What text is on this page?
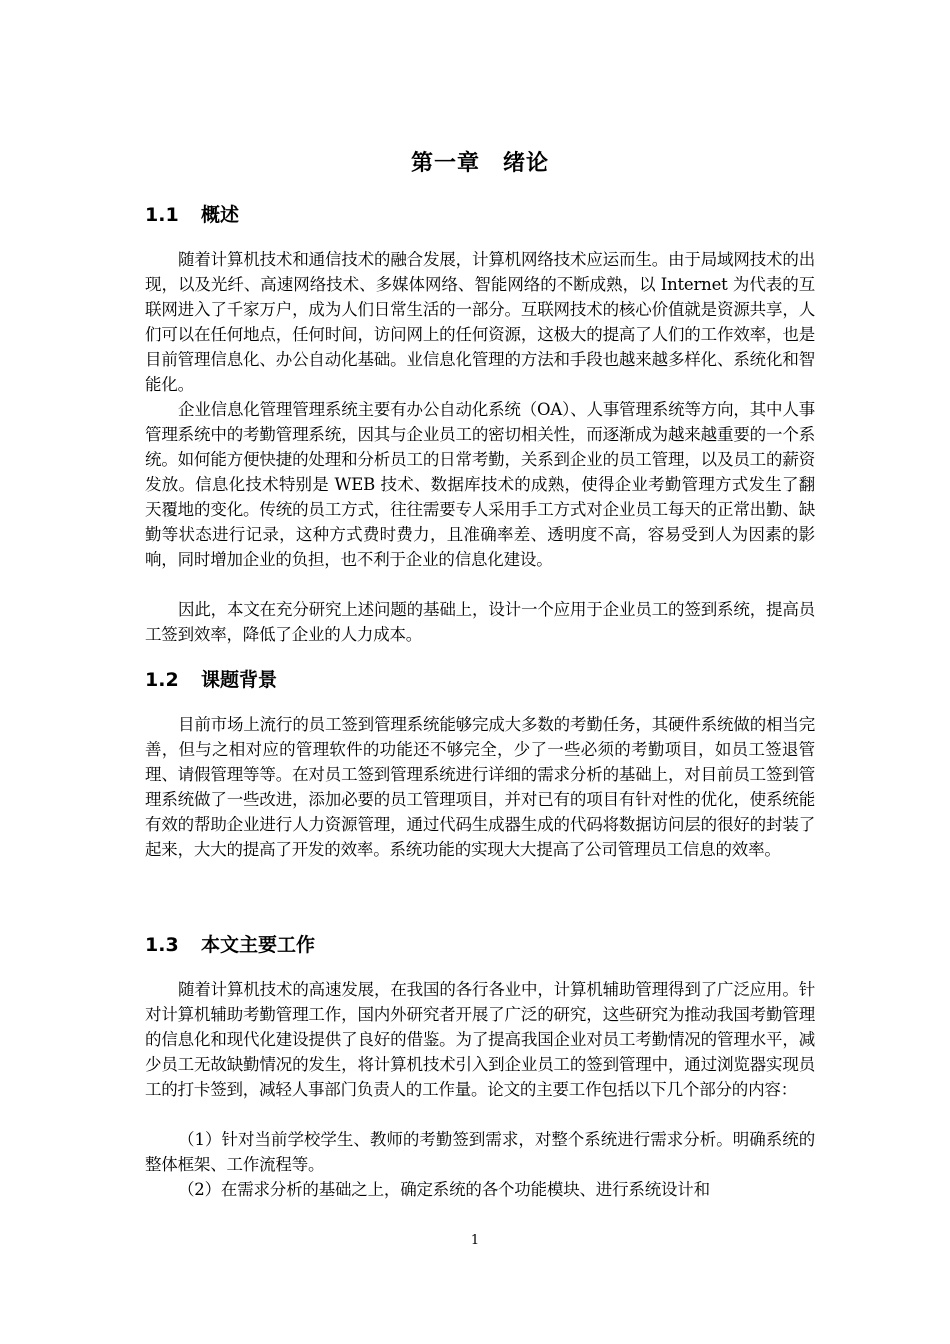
第一章　绪论
1.1 概述

随着计算机技术和通信技术的融合发展，计算机网络技术应运而生。由于局域网技术的出现，以及光纤、高速网络技术、多媒体网络、智能网络的不断成熟，以 Internet 为代表的互联网进入了千家万户，成为人们日常生活的一部分。互联网技术的核心价值就是资源共享，人们可以在任何地点，任何时间，访问网上的任何资源，这极大的提高了人们的工作效率，也是目前管理信息化、办公自动化基础。业信息化管理的方法和手段也越来越多样化、系统化和智能化。

企业信息化管理管理系统主要有办公自动化系统（OA）、人事管理系统等方向，其中人事管理系统中的考勤管理系统，因其与企业员工的密切相关性，而逐渐成为越来越重要的一个系统。如何能方便快捷的处理和分析员工的日常考勤，关系到企业的员工管理，以及员工的薪资发放。信息化技术特别是 WEB 技术、数据库技术的成熟，使得企业考勤管理方式发生了翻天覆地的变化。传统的员工方式，往往需要专人采用手工方式对企业员工每天的正常出勤、缺勤等状态进行记录，这种方式费时费力，且准确率差、透明度不高，容易受到人为因素的影响，同时增加企业的负担，也不利于企业的信息化建设。

因此，本文在充分研究上述问题的基础上，设计一个应用于企业员工的签到系统，提高员工签到效率，降低了企业的人力成本。

1.2 课题背景

目前市场上流行的员工签到管理系统能够完成大多数的考勤任务，其硬件系统做的相当完善，但与之相对应的管理软件的功能还不够完全，少了一些必须的考勤项目，如员工签退管理、请假管理等等。在对员工签到管理系统进行详细的需求分析的基础上，对目前员工签到管理系统做了一些改进，添加必要的员工管理项目，并对已有的项目有针对性的优化，使系统能有效的帮助企业进行人力资源管理，通过代码生成器生成的代码将数据访问层的很好的封装了起来，大大的提高了开发的效率。系统功能的实现大大提高了公司管理员工信息的效率。

1.3 本文主要工作

随着计算机技术的高速发展，在我国的各行各业中，计算机辅助管理得到了广泛应用。针对计算机辅助考勤管理工作，国内外研究者开展了广泛的研究，这些研究为推动我国考勤管理的信息化和现代化建设提供了良好的借鉴。为了提高我国企业对员工考勤情况的管理水平，减少员工无故缺勤情况的发生，将计算机技术引入到企业员工的签到管理中，通过浏览器实现员工的打卡签到，减轻人事部门负责人的工作量。论文的主要工作包括以下几个部分的内容：

（1）针对当前学校学生、教师的考勤签到需求，对整个系统进行需求分析。明确系统的整体框架、工作流程等。

（2）在需求分析的基础之上，确定系统的各个功能模块、进行系统设计和

1
